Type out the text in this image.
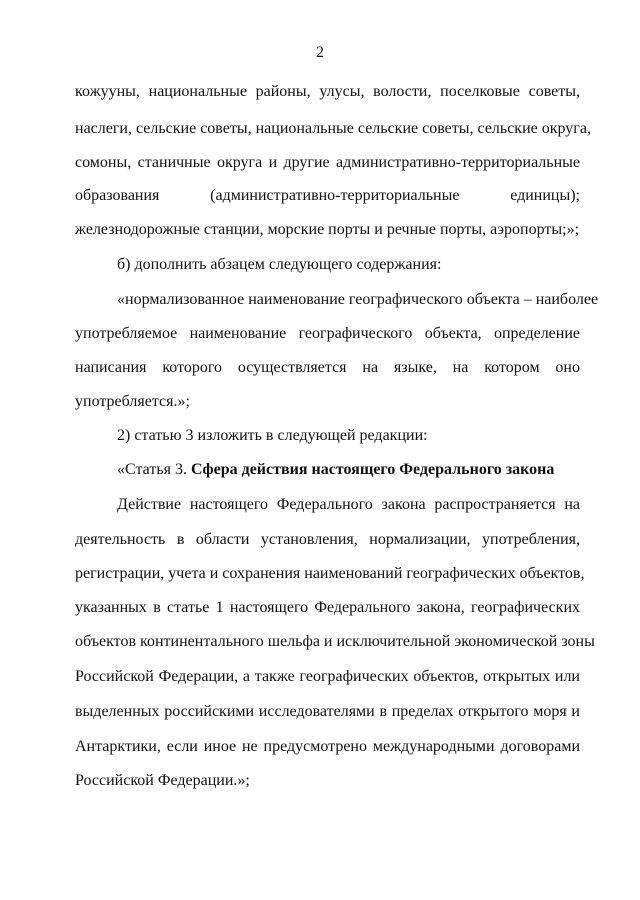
2
кожууны, национальные районы, улусы, волости, поселковые советы,
наслеги, сельские советы, национальные сельские советы, сельские округа,
сомоны, станичные округа и другие административно-территориальные
образования (административно-территориальные единицы);
железнодорожные станции, морские порты и речные порты, аэропорты;»;
б) дополнить абзацем следующего содержания:
«нормализованное наименование географического объекта – наиболее
употребляемое наименование географического объекта, определение
написания которого осуществляется на языке, на котором оно
употребляется.»;
2) статью 3 изложить в следующей редакции:
«Статья 3. Сфера действия настоящего Федерального закона
Действие настоящего Федерального закона распространяется на
деятельность в области установления, нормализации, употребления,
регистрации, учета и сохранения наименований географических объектов,
указанных в статье 1 настоящего Федерального закона, географических
объектов континентального шельфа и исключительной экономической зоны
Российской Федерации, а также географических объектов, открытых или
выделенных российскими исследователями в пределах открытого моря и
Антарктики, если иное не предусмотрено международными договорами
Российской Федерации.»;
